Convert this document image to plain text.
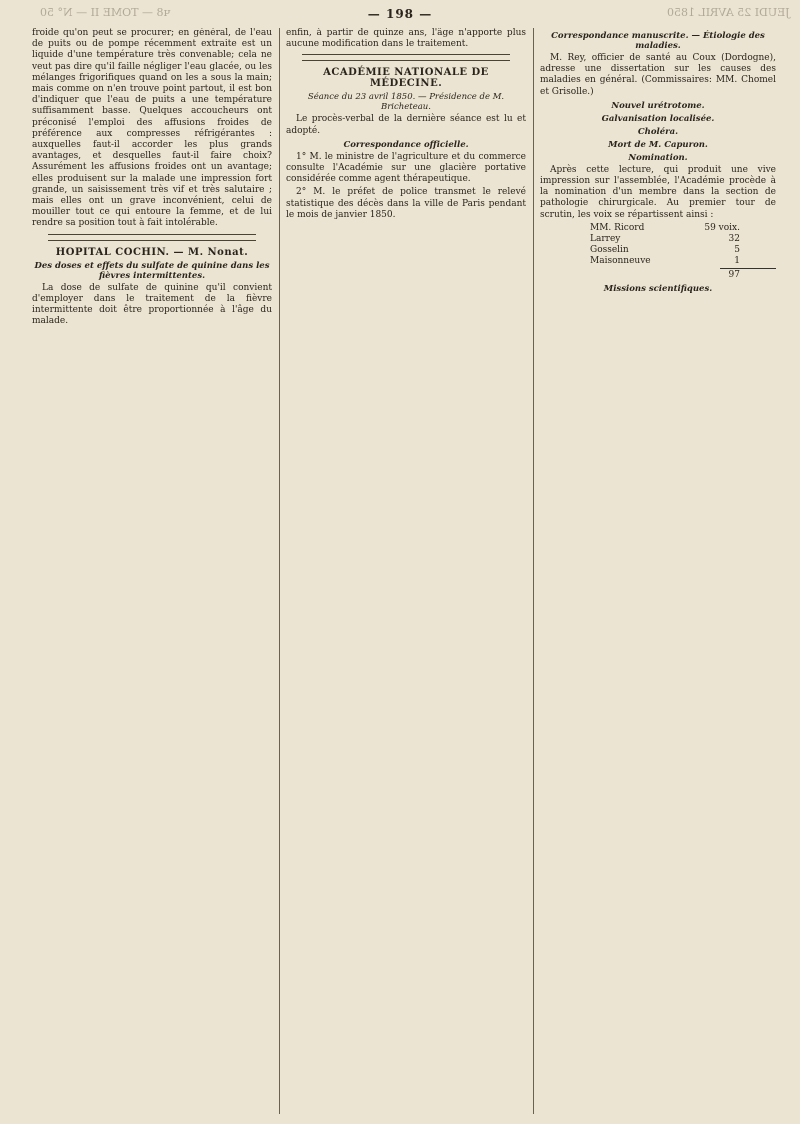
ч8 — ТОМЕ II — N° 50	— 198 —	JEUDI 25 AVRIL 1850

froide qu'on peut se procurer; en général, de l'eau de puits ou de pompe récemment extraite est un liquide d'une température très convenable; cela ne veut pas dire qu'il faille négliger l'eau glacée, ou les mélanges frigorifiques quand on les a sous la main; mais comme on n'en trouve point partout, il est bon d'indiquer que l'eau de puits a une température suffisamment basse. Quelques accoucheurs ont préconisé l'emploi des affusions froides de préférence aux compresses réfrigérantes : auxquelles faut-il accorder les plus grands avantages, et desquelles faut-il faire choix? Assurément les affusions froides ont un avantage; elles produisent sur la malade une impression fort grande, un saisissement très vif et très salutaire ; mais elles ont un grave inconvénient, celui de mouiller tout ce qui entoure la femme, et de lui rendre sa position tout à fait intolérable.

HOPITAL COCHIN. — M. Nonat.
Des doses et effets du sulfate de quinine dans les fièvres intermittentes.

La dose de sulfate de quinine qu'il convient d'employer dans le traitement de la fièvre intermittente doit être proportionnée à l'âge du malade.

enfin, à partir de quinze ans, l'âge n'apporte plus aucune modification dans le traitement.

ACADÉMIE NATIONALE DE MÉDECINE.
Séance du 23 avril 1850. — Présidence de M. Bricheteau.

Le procès-verbal de la dernière séance est lu et adopté.

Correspondance officielle.

1° M. le ministre de l'agriculture et du commerce consulte l'Académie sur une glacière portative considérée comme agent thérapeutique.

2° M. le préfet de police transmet le relevé statistique des décès dans la ville de Paris pendant le mois de janvier 1850.

Correspondance manuscrite. — Étiologie des maladies.

M. Rey, officier de santé au Coux (Dordogne), adresse une dissertation sur les causes des maladies en général. (Commissaires: MM. Chomel et Grisolle.)

Nouvel urétrotome.
Galvanisation localisée.
Choléra.
Mort de M. Capuron.
Nomination.

Après cette lecture, qui produit une vive impression sur l'assemblée, l'Académie procède à la nomination d'un membre dans la section de pathologie chirurgicale. Au premier tour de scrutin, les voix se répartissent ainsi :

MM. Ricord	59 voix.
Larrey	32
Gosselin	5
Maisonneuve	1
97
Missions scientifiques.
